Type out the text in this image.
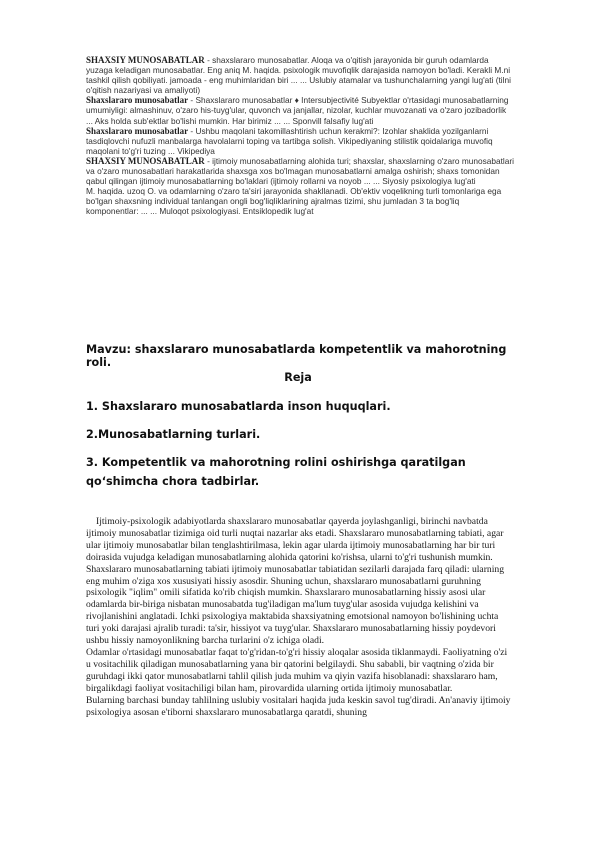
SHAXSIY MUNOSABATLAR - shaxslararo munosabatlar. Aloqa va o'qitish jarayonida bir guruh odamlarda yuzaga keladigan munosabatlar. Eng aniq M. haqida. psixologik muvofiqlik darajasida namoyon bo'ladi. Kerakli M.ni tashkil qilish qobiliyati. jamoada - eng muhimlaridan biri ... ... Uslubiy atamalar va tushunchalarning yangi lug'ati (tilni o'qitish nazariyasi va amaliyoti)

Shaxslararo munosabatlar - Shaxslararo munosabatlar ♦ Intersubjectivité Subyektlar o'rtasidagi munosabatlarning umumiyligi: almashinuv, o'zaro his-tuyg'ular, quvonch va janjallar, nizolar, kuchlar muvozanati va o'zaro jozibadorlik ... Aks holda sub'ektlar bo'lishi mumkin. Har birimiz ... ... Sponvill falsafiy lug'ati

Shaxslararo munosabatlar - Ushbu maqolani takomillashtirish uchun kerakmi?: Izohlar shaklida yozilganlarni tasdiqlovchi nufuzli manbalarga havolalarni toping va tartibga solish. Vikipediyaning stilistik qoidalariga muvofiq maqolani to'g'ri tuzing ... Vikipediya

SHAXSIY MUNOSABATLAR - ijtimoiy munosabatlarning alohida turi; shaxslar, shaxslarning o'zaro munosabatlari va o'zaro munosabatlari harakatlarida shaxsga xos bo'lmagan munosabatlarni amalga oshirish; shaxs tomonidan qabul qilingan ijtimoiy munosabatlarning bo'laklari (ijtimoiy rollarni va noyob ... ... Siyosiy psixologiya lug'ati

M. haqida. uzoq O. va odamlarning o'zaro ta'siri jarayonida shakllanadi. Ob'ektiv voqelikning turli tomonlariga ega bo'lgan shaxsning individual tanlangan ongli bog'liqliklarining ajralmas tizimi, shu jumladan 3 ta bog'liq komponentlar: ... ... Muloqot psixologiyasi. Entsiklopedik lug'at

Mavzu: shaxslararo munosabatlarda kompetentlik va mahorotning roli.
Reja

1. Shaxslararo munosabatlarda inson huquqlari.

2.Munosabatlarning turlari.

3. Kompetentlik va mahorotning rolini oshirishga qaratilgan qo‘shimcha chora tadbirlar.

Ijtimoiy-psixologik adabiyotlarda shaxslararo munosabatlar qayerda joylashganligi, birinchi navbatda ijtimoiy munosabatlar tizimiga oid turli nuqtai nazarlar aks etadi. Shaxslararo munosabatlarning tabiati, agar ular ijtimoiy munosabatlar bilan tenglashtirilmasa, lekin agar ularda ijtimoiy munosabatlarning har bir turi doirasida vujudga keladigan munosabatlarning alohida qatorini ko'rishsa, ularni to'g'ri tushunish mumkin.

Shaxslararo munosabatlarning tabiati ijtimoiy munosabatlar tabiatidan sezilarli darajada farq qiladi: ularning eng muhim o'ziga xos xususiyati hissiy asosdir. Shuning uchun, shaxslararo munosabatlarni guruhning psixologik "iqlim" omili sifatida ko'rib chiqish mumkin. Shaxslararo munosabatlarning hissiy asosi ular odamlarda bir-biriga nisbatan munosabatda tug'iladigan ma'lum tuyg'ular asosida vujudga kelishini va rivojlanishini anglatadi. Ichki psixologiya maktabida shaxsiyatning emotsional namoyon bo'lishining uchta turi yoki darajasi ajralib turadi: ta'sir, hissiyot va tuyg'ular. Shaxslararo munosabatlarning hissiy poydevori ushbu hissiy namoyonlikning barcha turlarini o'z ichiga oladi.

Odamlar o'rtasidagi munosabatlar faqat to'g'ridan-to'g'ri hissiy aloqalar asosida tiklanmaydi. Faoliyatning o'zi u vositachilik qiladigan munosabatlarning yana bir qatorini belgilaydi. Shu sababli, bir vaqtning o'zida bir guruhdagi ikki qator munosabatlarni tahlil qilish juda muhim va qiyin vazifa hisoblanadi: shaxslararo ham, birgalikdagi faoliyat vositachiligi bilan ham, pirovardida ularning ortida ijtimoiy munosabatlar.

Bularning barchasi bunday tahlilning uslubiy vositalari haqida juda keskin savol tug'diradi. An'anaviy ijtimoiy psixologiya asosan e'tiborni shaxslararo munosabatlarga qaratdi, shuning
